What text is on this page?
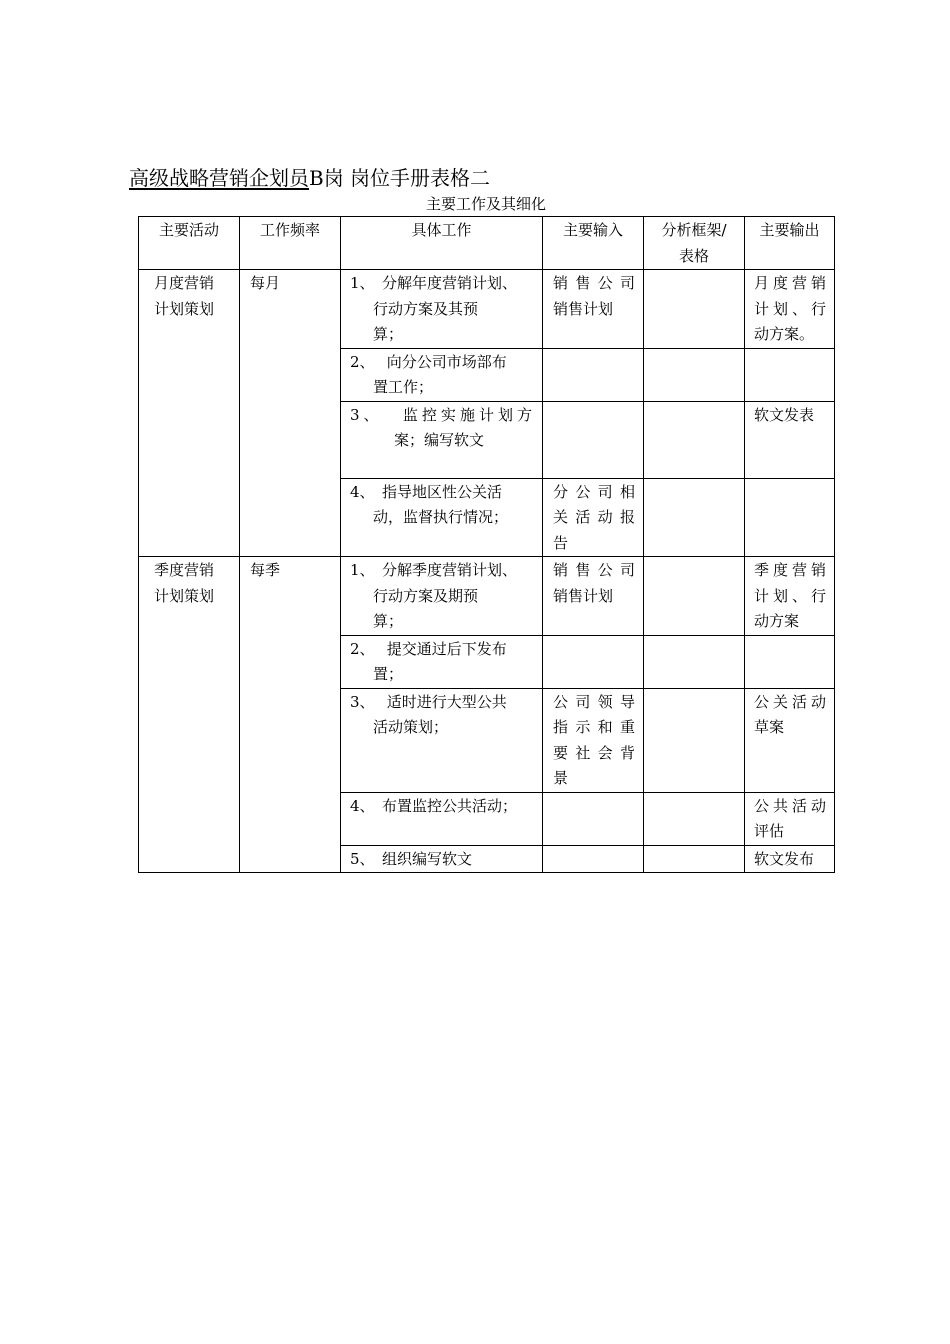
高级战略营销企划员B岗 岗位手册表格二
主要工作及其细化
主要活动	工作频率	具体工作	主要输入	分析框架/
表格	主要输出

月度营销
计划策划	每月	1、　分解年度营销计划、
行动方案及其预
算；	销 售 公 司
销售计划		月度营销
计划、行
动方案。

		2、　 向分公司市场部布
置工作；			

		3、　 监控实施计划方
案；编写软文			软文发表

		4、　指导地区性公关活
动，监督执行情况；	分 公 司 相
关 活 动 报
告		

季度营销
计划策划	每季	1、　分解季度营销计划、
行动方案及期预
算；	销 售 公 司
销售计划		季度营销
计划、行
动方案

		2、　 提交通过后下发布
置；			

		3、　 适时进行大型公共
活动策划；	公 司 领 导
指 示 和 重
要 社 会 背
景		公关活动
草案

		4、　布置监控公共活动；			公共活动
评估

		5、　组织编写软文			软文发布
